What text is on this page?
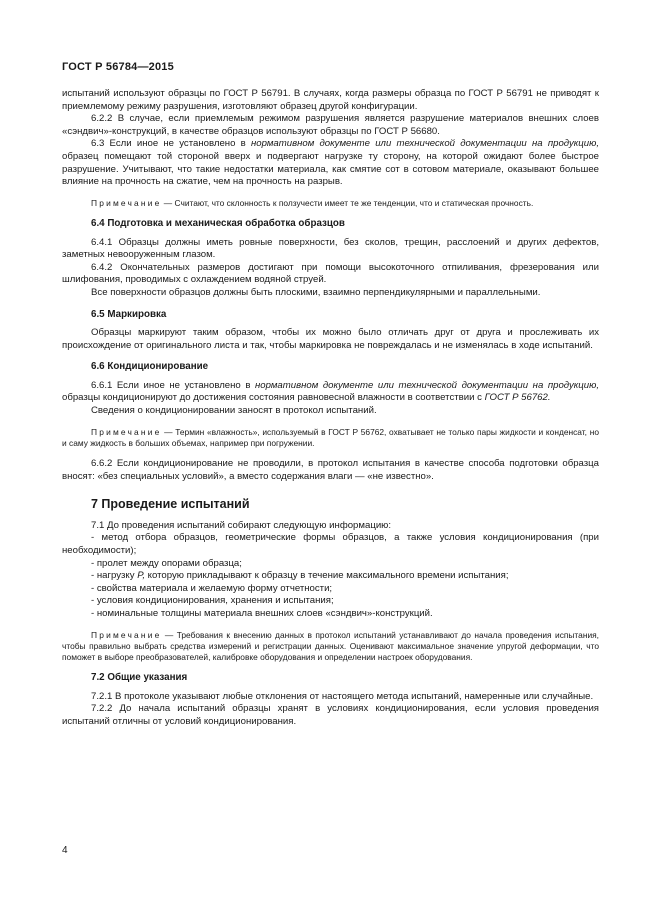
ГОСТ Р 56784—2015

испытаний используют образцы по ГОСТ Р 56791. В случаях, когда размеры образца по ГОСТ Р 56791 не приводят к приемлемому режиму разрушения, изготовляют образец другой конфигурации.

6.2.2 В случае, если приемлемым режимом разрушения является разрушение материалов внешних слоев «сэндвич»-конструкций, в качестве образцов используют образцы по ГОСТ Р 56680.

6.3 Если иное не установлено в нормативном документе или технической документации на продукцию, образец помещают той стороной вверх и подвергают нагрузке ту сторону, на которой ожидают более быстрое разрушение. Учитывают, что такие недостатки материала, как смятие сот в сотовом материале, оказывают большее влияние на прочность на сжатие, чем на прочность на разрыв.

Примечание — Считают, что склонность к ползучести имеет те же тенденции, что и статическая прочность.

6.4 Подготовка и механическая обработка образцов

6.4.1 Образцы должны иметь ровные поверхности, без сколов, трещин, расслоений и других дефектов, заметных невооруженным глазом.

6.4.2 Окончательных размеров достигают при помощи высокоточного отпиливания, фрезерования или шлифования, проводимых с охлаждением водяной струей.

Все поверхности образцов должны быть плоскими, взаимно перпендикулярными и параллельными.

6.5 Маркировка

Образцы маркируют таким образом, чтобы их можно было отличать друг от друга и прослеживать их происхождение от оригинального листа и так, чтобы маркировка не повреждалась и не изменялась в ходе испытаний.

6.6 Кондиционирование

6.6.1 Если иное не установлено в нормативном документе или технической документации на продукцию, образцы кондиционируют до достижения состояния равновесной влажности в соответствии с ГОСТ Р 56762.

Сведения о кондиционировании заносят в протокол испытаний.

Примечание — Термин «влажность», используемый в ГОСТ Р 56762, охватывает не только пары жидкости и конденсат, но и саму жидкость в больших объемах, например при погружении.

6.6.2 Если кондиционирование не проводили, в протокол испытания в качестве способа подготовки образца вносят: «без специальных условий», а вместо содержания влаги — «не известно».

7 Проведение испытаний

7.1 До проведения испытаний собирают следующую информацию:

- метод отбора образцов, геометрические формы образцов, а также условия кондиционирования (при необходимости);

- пролет между опорами образца;

- нагрузку P, которую прикладывают к образцу в течение максимального времени испытания;

- свойства материала и желаемую форму отчетности;

- условия кондиционирования, хранения и испытания;

- номинальные толщины материала внешних слоев «сэндвич»-конструкций.

Примечание — Требования к внесению данных в протокол испытаний устанавливают до начала проведения испытания, чтобы правильно выбрать средства измерений и регистрации данных. Оценивают максимальное значение упругой деформации, что поможет в выборе преобразователей, калибровке оборудования и определении настроек оборудования.

7.2 Общие указания

7.2.1 В протоколе указывают любые отклонения от настоящего метода испытаний, намеренные или случайные.

7.2.2 До начала испытаний образцы хранят в условиях кондиционирования, если условия проведения испытаний отличны от условий кондиционирования.

4
